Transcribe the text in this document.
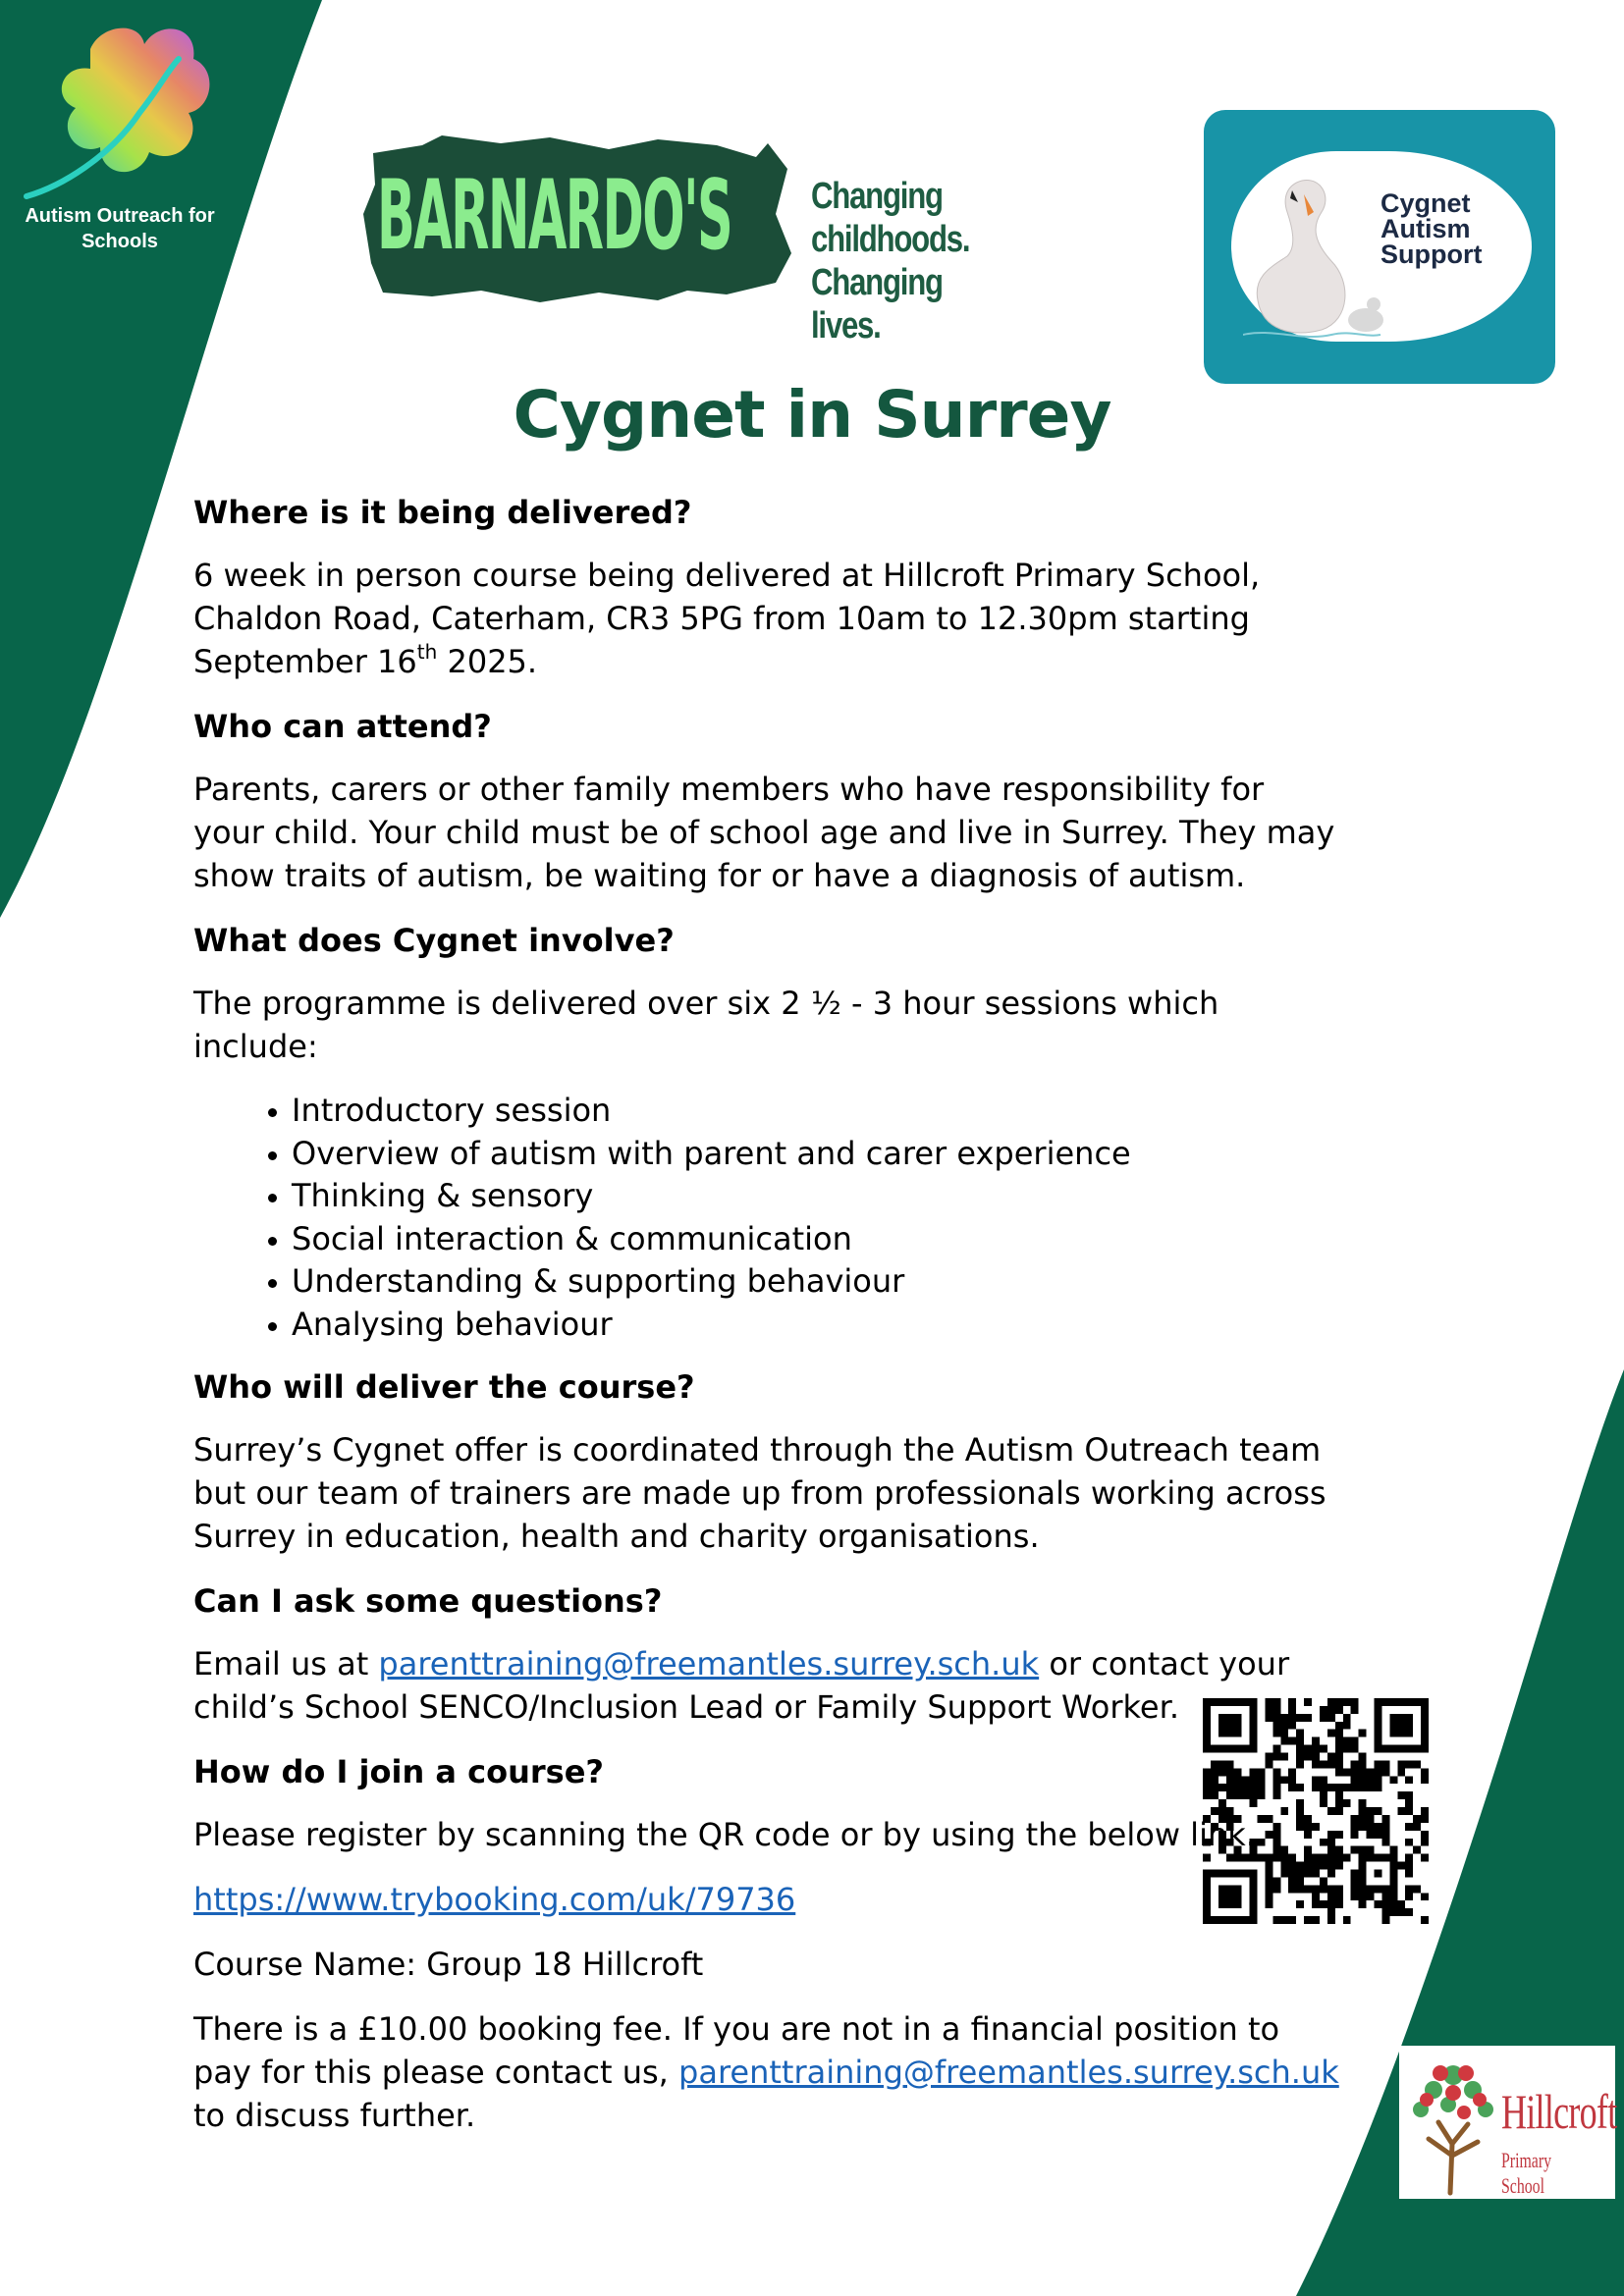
Autism Outreach for Schools	BARNARDO'S	Changing childhoods.
Changing lives.
Cygnet
Autism
Support
Cygnet in Surrey
Where is it being delivered?

6 week in person course being delivered at Hillcroft Primary School, Chaldon Road, Caterham, CR3 5PG from 10am to 12.30pm starting September 16th 2025.

Who can attend?

Parents, carers or other family members who have responsibility for your child. Your child must be of school age and live in Surrey. They may show traits of autism, be waiting for or have a diagnosis of autism.

What does Cygnet involve?

The programme is delivered over six 2 ½ - 3 hour sessions which include:

• Introductory session
• Overview of autism with parent and carer experience
• Thinking & sensory
• Social interaction & communication
• Understanding & supporting behaviour
• Analysing behaviour
Who will deliver the course?

Surrey’s Cygnet offer is coordinated through the Autism Outreach team but our team of trainers are made up from professionals working across Surrey in education, health and charity organisations.

Can I ask some questions?

Email us at parenttraining@freemantles.surrey.sch.uk or contact your child’s School SENCO/Inclusion Lead or Family Support Worker.

How do I join a course?

Please register by scanning the QR code or by using the below link.

https://www.trybooking.com/uk/79736

Course Name: Group 18 Hillcroft

There is a £10.00 booking fee. If you are not in a financial position to pay for this please contact us, parenttraining@freemantles.surrey.sch.uk to discuss further.	Hillcroft
Primary School
